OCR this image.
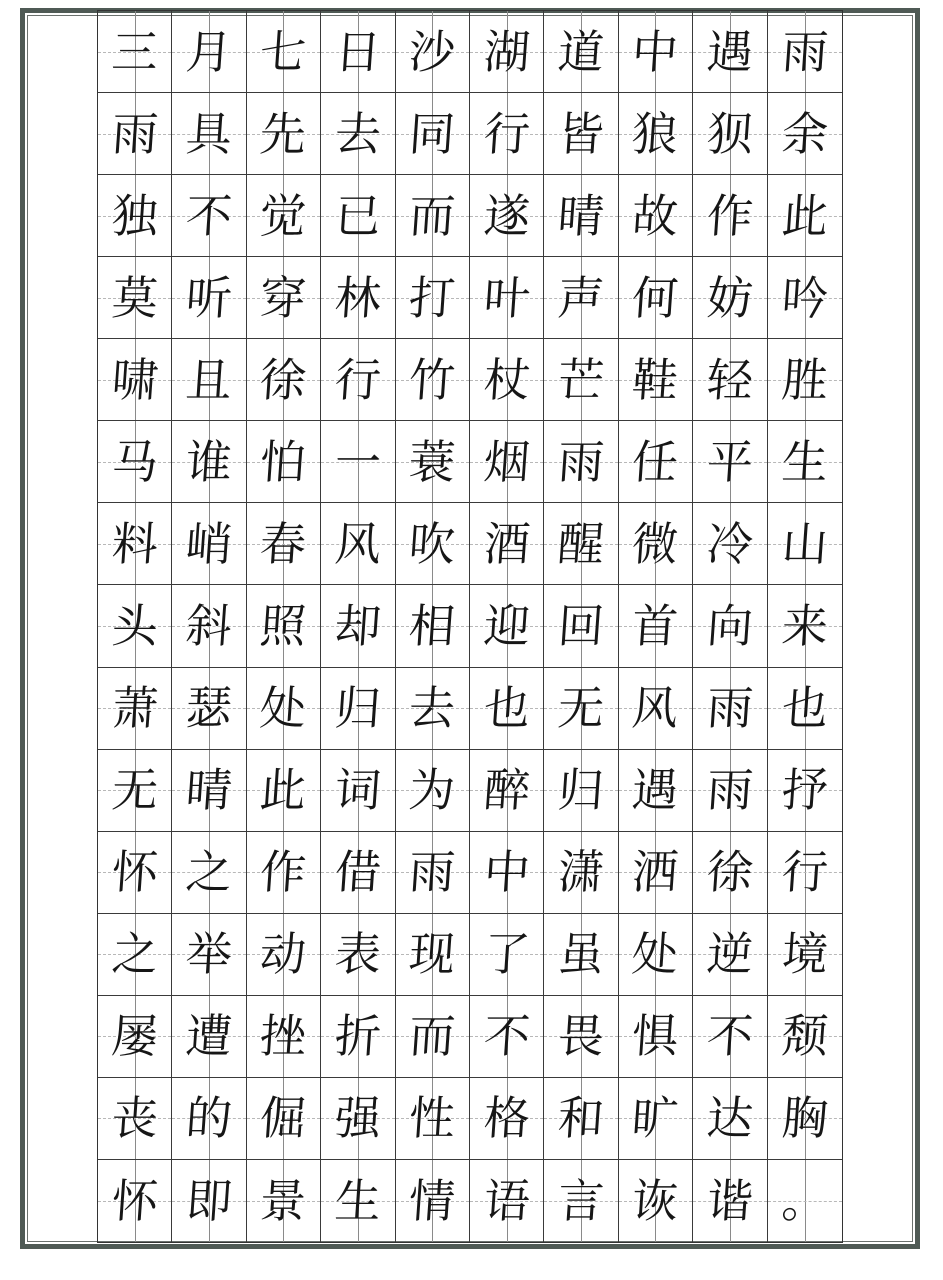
三 月 七 日 沙 湖 道 中 遇 雨
雨 具 先 去 同 行 皆 狼 狈 余
独 不 觉 已 而 遂 晴 故 作 此
莫 听 穿 林 打 叶 声 何 妨 吟
啸 且 徐 行 竹 杖 芒 鞋 轻 胜
马 谁 怕 一 蓑 烟 雨 任 平 生
料 峭 春 风 吹 酒 醒 微 冷 山
头 斜 照 却 相 迎 回 首 向 来
萧 瑟 处 归 去 也 无 风 雨 也
无 晴 此 词 为 醉 归 遇 雨 抒
怀 之 作 借 雨 中 潇 洒 徐 行
之 举 动 表 现 了 虽 处 逆 境
屡 遭 挫 折 而 不 畏 惧 不 颓
丧 的 倔 强 性 格 和 旷 达 胸
怀 即 景 生 情 语 言 诙 谐 。
